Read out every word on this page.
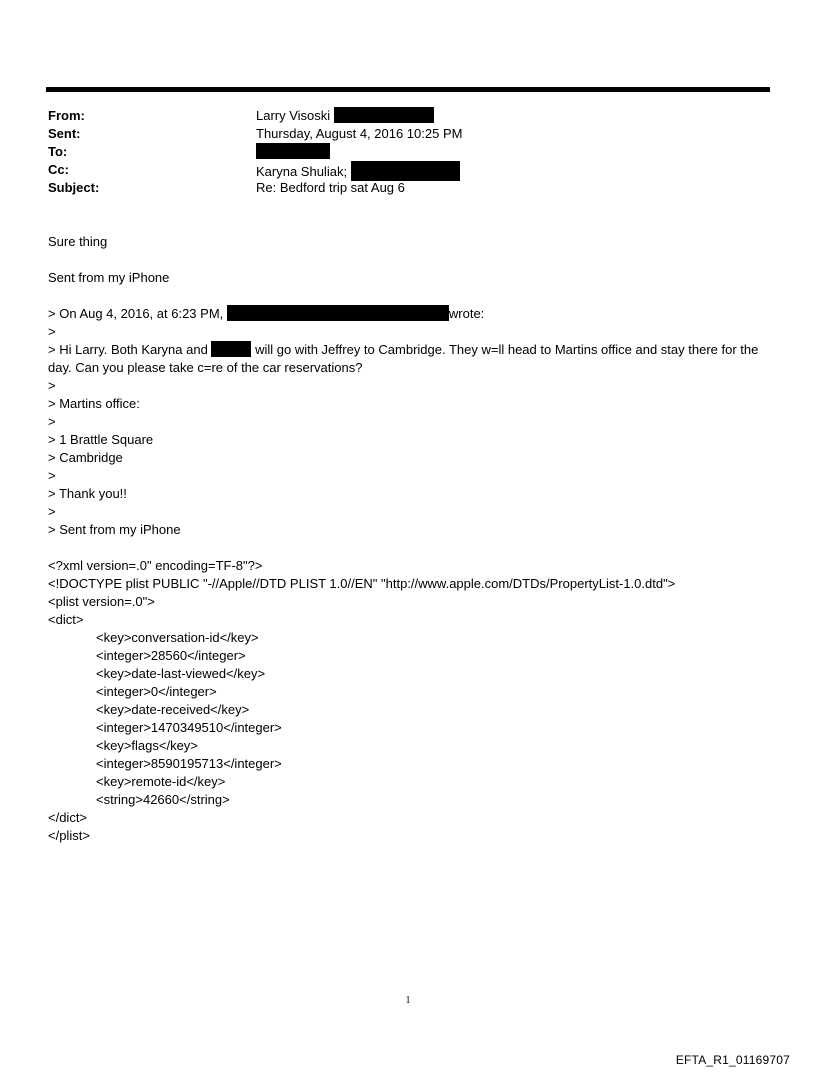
From:	Larry Visoski
Sent:	Thursday, August 4, 2016 10:25 PM
To:
Cc:	Karyna Shuliak;
Subject:	Re: Bedford trip sat Aug 6
Sure thing
Sent from my iPhone
> On Aug 4, 2016, at 6:23 PM,	wrote:
>
> Hi Larry. Both Karyna and	will go with Jeffrey to Cambridge. They w=ll head to Martins office and stay there for the day. Can you please take c=re of the car reservations?
>
> Martins office:
>
> 1 Brattle Square
> Cambridge
>
> Thank you!!
>
> Sent from my iPhone
<?xml version=.0" encoding=TF-8"?>
<!DOCTYPE plist PUBLIC "-//Apple//DTD PLIST 1.0//EN" "http://www.apple.com/DTDs/PropertyList-1.0.dtd">
<plist version=.0">
<dict>
<key>conversation-id</key>
<integer>28560</integer>
<key>date-last-viewed</key>
<integer>0</integer>
<key>date-received</key>
<integer>1470349510</integer>
<key>flags</key>
<integer>8590195713</integer>
<key>remote-id</key>
<string>42660</string>
</dict>
</plist>
1
EFTA_R1_01169707
